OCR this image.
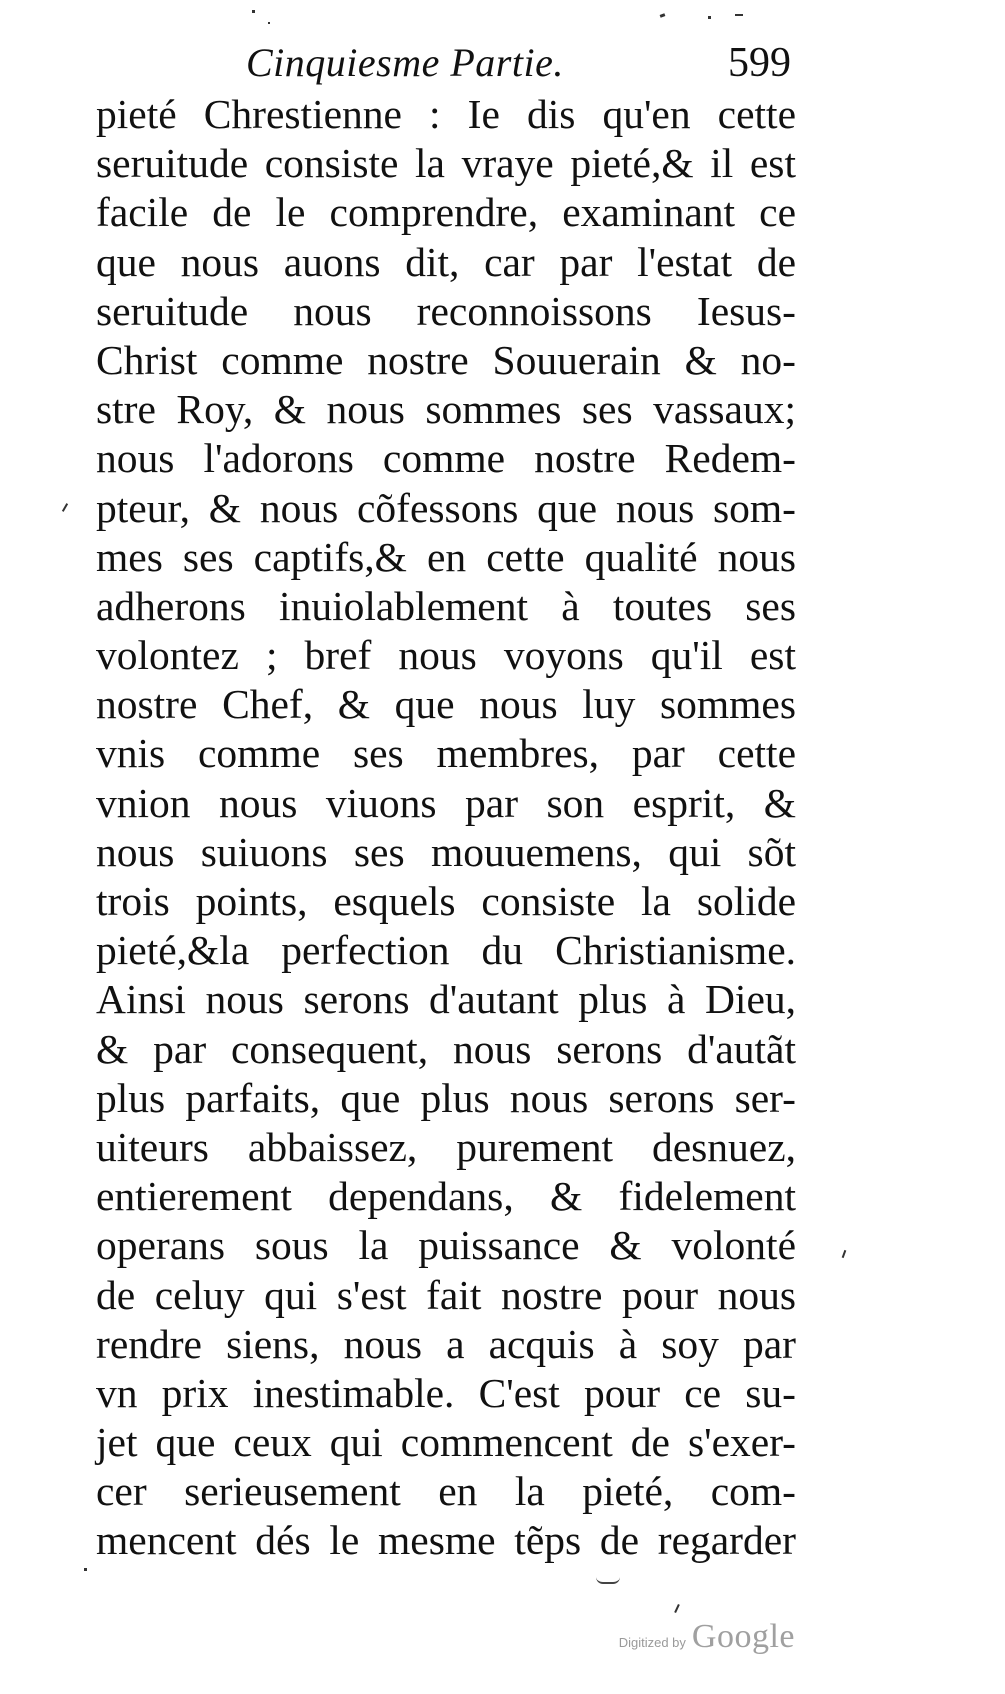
Cinquiesme Partie.	599
pieté Chrestienne : Ie dis qu'en cette
seruitude consiste la vraye pieté,& il est
facile de le comprendre, examinant ce
que nous auons dit, car par l'estat de
seruitude nous reconnoissons Iesus-
Christ comme nostre Souuerain & no-
stre Roy, & nous sommes ses vassaux;
nous l'adorons comme nostre Redem-
pteur, & nous cõfessons que nous som-
mes ses captifs,& en cette qualité nous
adherons inuiolablement à toutes ses
volontez ; bref nous voyons qu'il est
nostre Chef, & que nous luy sommes
vnis comme ses membres, par cette
vnion nous viuons par son esprit, &
nous suiuons ses mouuemens, qui sõt
trois points, esquels consiste la solide
pieté,&la perfection du Christianisme.
Ainsi nous serons d'autant plus à Dieu,
& par consequent, nous serons d'autãt
plus parfaits, que plus nous serons ser-
uiteurs abbaissez, purement desnuez,
entierement dependans, & fidelement
operans sous la puissance & volonté
de celuy qui s'est fait nostre pour nous
rendre siens, nous a acquis à soy par
vn prix inestimable. C'est pour ce su-
jet que ceux qui commencent de s'exer-
cer serieusement en la pieté, com-
mencent dés le mesme tẽps de regarder
Digitized by Google
